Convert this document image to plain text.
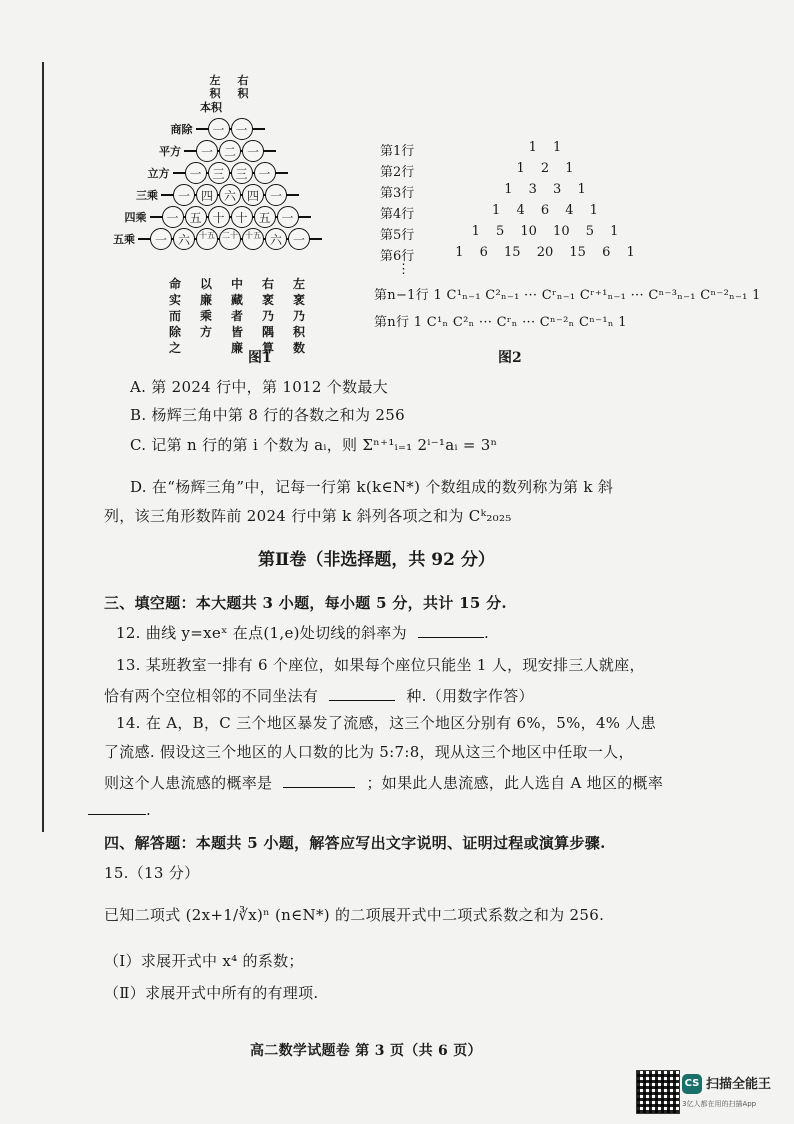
左积
右积
本积
商除
平方
立方
三乘
四乘
五乘
一 一
一 二 一
一 三 三 一
一 四 六 四 一
一 五 十 十 五 一
一 六	十五 二十 十五 六 一
命实而除之
以廉乘方
中藏者皆廉
右衺乃隅算
左衺乃积数
图1
第1行	1 1
第2行	1 2 1
第3行	1 3 3 1
第4行	1 4 6 4 1
第5行	1 5 10 10 5 1
第6行	1 6 15 20 15 6 1
⋮
第n−1行 1 C¹ₙ₋₁ C²ₙ₋₁ ··· Cʳₙ₋₁ Cʳ⁺¹ₙ₋₁ ··· Cⁿ⁻³ₙ₋₁ Cⁿ⁻²ₙ₋₁ 1
第n行 1 C¹ₙ C²ₙ ··· Cʳₙ ··· Cⁿ⁻²ₙ Cⁿ⁻¹ₙ 1
图2
A. 第 2024 行中，第 1012 个数最大
B. 杨辉三角中第 8 行的各数之和为 256
C. 记第 n 行的第 i 个数为 aᵢ，则 Σⁿ⁺¹ᵢ₌₁ 2ⁱ⁻¹aᵢ = 3ⁿ
D. 在“杨辉三角”中，记每一行第 k(k∈N*) 个数组成的数列称为第 k 斜
列，该三角形数阵前 2024 行中第 k 斜列各项之和为 Cᵏ₂₀₂₅
第Ⅱ卷（非选择题，共 92 分）
三、填空题：本大题共 3 小题，每小题 5 分，共计 15 分.
12. 曲线 y=xeˣ 在点(1,e)处切线的斜率为	.
13. 某班教室一排有 6 个座位，如果每个座位只能坐 1 人，现安排三人就座，
恰有两个空位相邻的不同坐法有	种.（用数字作答）
14. 在 A，B，C 三个地区暴发了流感，这三个地区分别有 6%，5%，4% 人患
了流感. 假设这三个地区的人口数的比为 5:7:8，现从这三个地区中任取一人，
则这个人患流感的概率是	；如果此人患流感，此人选自 A 地区的概率
.
四、解答题：本题共 5 小题，解答应写出文字说明、证明过程或演算步骤.
15.（13 分）
已知二项式 (2x+1/∛x)ⁿ (n∈N*) 的二项展开式中二项式系数之和为 256.
（Ⅰ）求展开式中 x⁴ 的系数；
（Ⅱ）求展开式中所有的有理项.
高二数学试题卷 第 3 页（共 6 页）
CS 扫描全能王
3亿人都在用的扫描App
